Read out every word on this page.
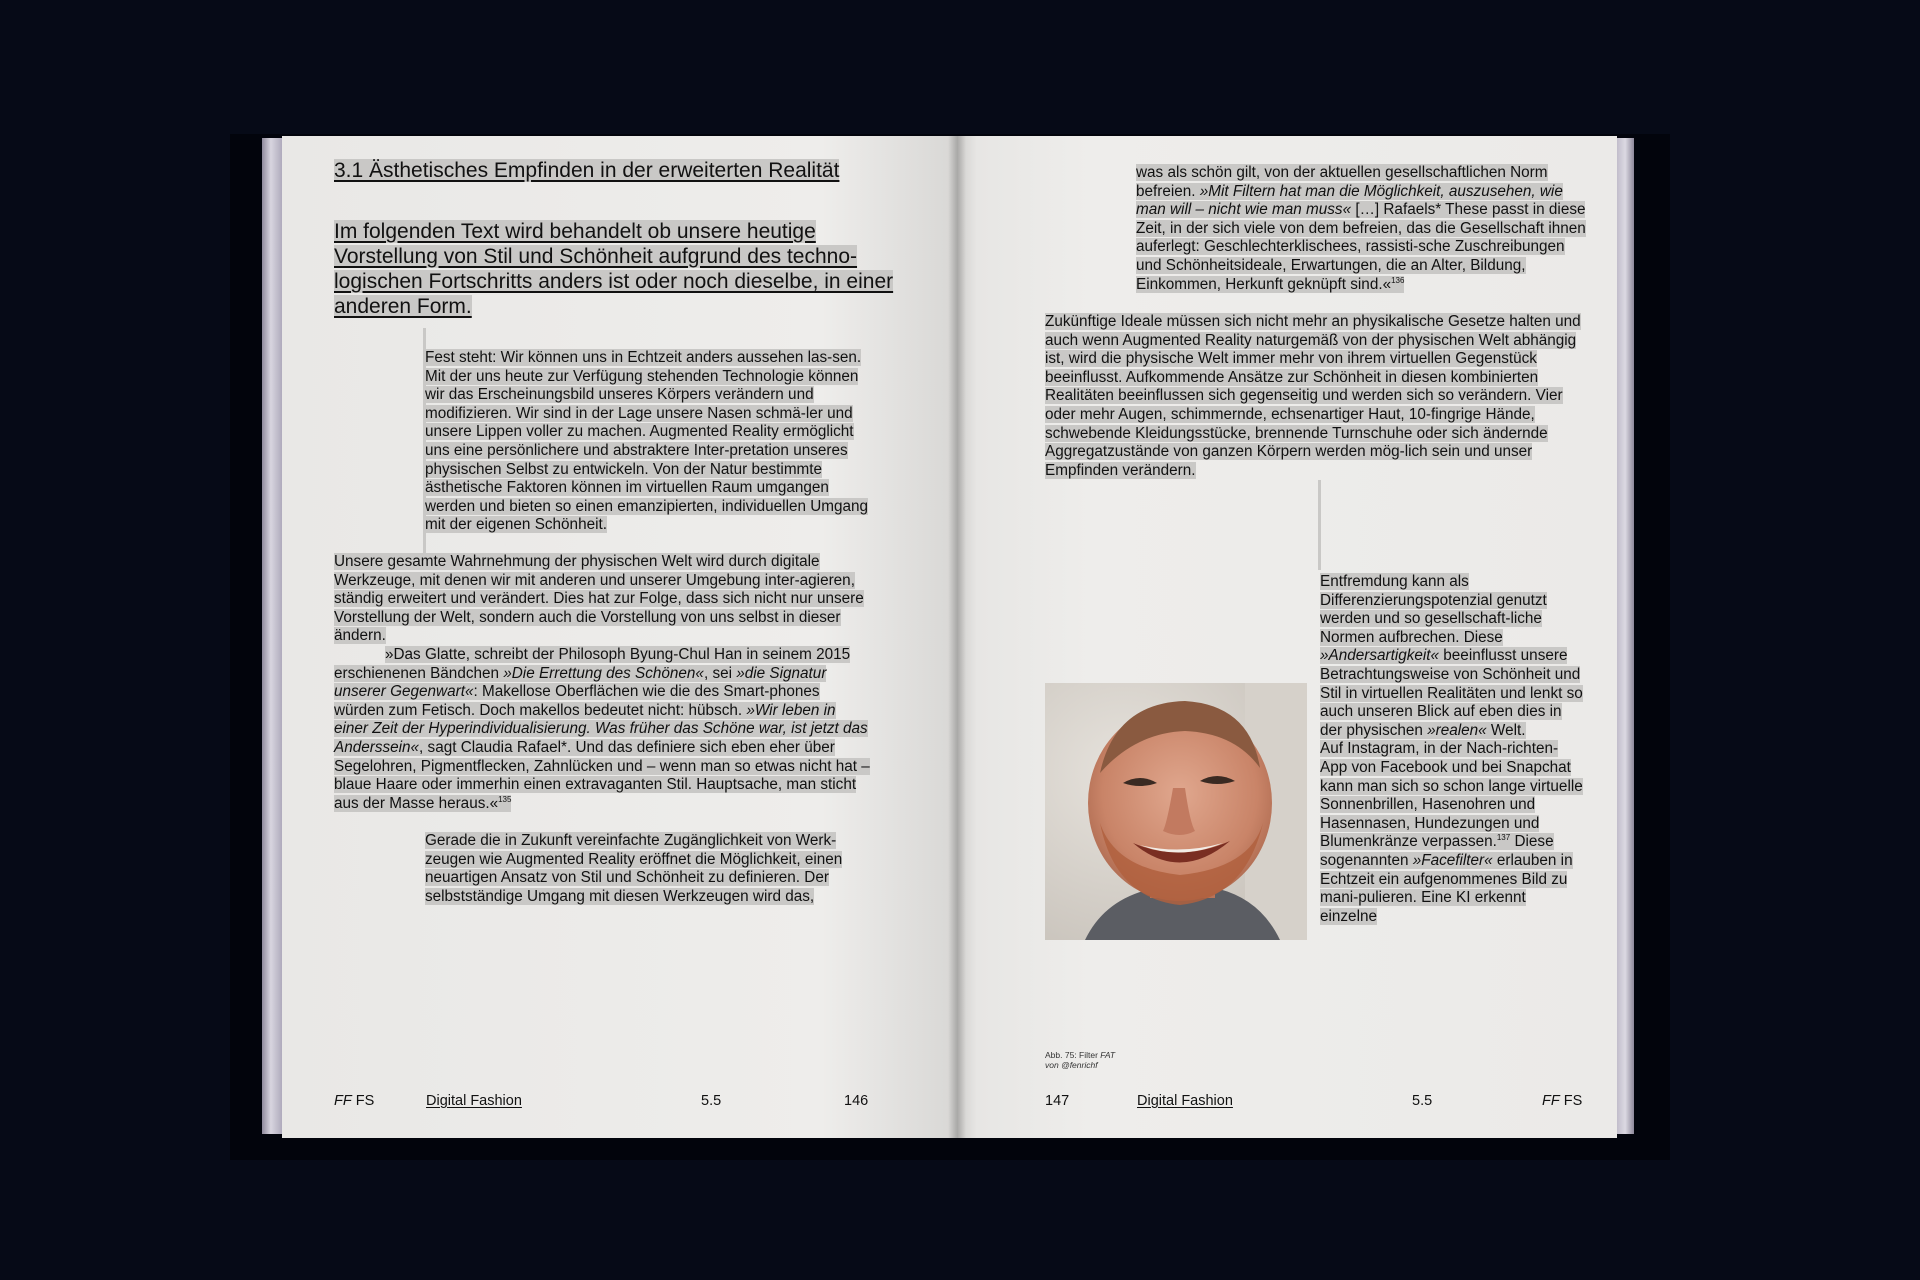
3.1 Ästhetisches Empfinden in der erweiterten Realität
Im folgenden Text wird behandelt ob unsere heutige Vorstellung von Stil und Schönheit aufgrund des techno-logischen Fortschritts anders ist oder noch dieselbe, in einer anderen Form.

Fest steht: Wir können uns in Echtzeit anders aussehen las-sen. Mit der uns heute zur Verfügung stehenden Technologie können wir das Erscheinungsbild unseres Körpers verändern und modifizieren. Wir sind in der Lage unsere Nasen schmä-ler und unsere Lippen voller zu machen. Augmented Reality ermöglicht uns eine persönlichere und abstraktere Inter-pretation unseres physischen Selbst zu entwickeln. Von der Natur bestimmte ästhetische Faktoren können im virtuellen Raum umgangen werden und bieten so einen emanzipierten, individuellen Umgang mit der eigenen Schönheit.

Unsere gesamte Wahrnehmung der physischen Welt wird durch digitale Werkzeuge, mit denen wir mit anderen und unserer Umgebung inter-agieren, ständig erweitert und verändert. Dies hat zur Folge, dass sich nicht nur unsere Vorstellung der Welt, sondern auch die Vorstellung von uns selbst in dieser ändern.

»Das Glatte, schreibt der Philosoph Byung-Chul Han in seinem 2015 erschienenen Bändchen »Die Errettung des Schönen«, sei »die Signatur unserer Gegenwart«: Makellose Oberflächen wie die des Smart-phones würden zum Fetisch. Doch makellos bedeutet nicht: hübsch. »Wir leben in einer Zeit der Hyperindividualisierung. Was früher das Schöne war, ist jetzt das Anderssein«, sagt Claudia Rafael*. Und das definiere sich eben eher über Segelohren, Pigmentflecken, Zahnlücken und – wenn man so etwas nicht hat – blaue Haare oder immerhin einen extravaganten Stil. Hauptsache, man sticht aus der Masse heraus.«$^{135}$

Gerade die in Zukunft vereinfachte Zugänglichkeit von Werk-zeugen wie Augmented Reality eröffnet die Möglichkeit, einen neuartigen Ansatz von Stil und Schönheit zu definieren. Der selbstständige Umgang mit diesen Werkzeugen wird das,

FF FS	Digital Fashion	5.5	146

was als schön gilt, von der aktuellen gesellschaftlichen Norm befreien. »Mit Filtern hat man die Möglichkeit, auszusehen, wie man will – nicht wie man muss« […] Rafaels* These passt in diese Zeit, in der sich viele von dem befreien, das die Gesellschaft ihnen auferlegt: Geschlechterklischees, rassisti-sche Zuschreibungen und Schönheitsideale, Erwartungen, die an Alter, Bildung, Einkommen, Herkunft geknüpft sind.«$^{136}$

Zukünftige Ideale müssen sich nicht mehr an physikalische Gesetze halten und auch wenn Augmented Reality naturgemäß von der physischen Welt abhängig ist, wird die physische Welt immer mehr von ihrem virtuellen Gegenstück beeinflusst. Aufkommende Ansätze zur Schönheit in diesen kombinierten Realitäten beeinflussen sich gegenseitig und werden sich so verändern. Vier oder mehr Augen, schimmernde, echsenartiger Haut, 10-fingrige Hände, schwebende Kleidungsstücke, brennende Turnschuhe oder sich ändernde Aggregatzustände von ganzen Körpern werden mög-lich sein und unser Empfinden verändern.

Entfremdung kann als Differenzierungspotenzial genutzt werden und so gesellschaft-liche Normen aufbrechen. Diese »Andersartigkeit« beeinflusst unsere Betrachtungsweise von Schönheit und Stil in virtuellen Realitäten und lenkt so auch unseren Blick auf eben dies in der physischen »realen« Welt.

Auf Instagram, in der Nach-richten-App von Facebook und bei Snapchat kann man sich so schon lange virtuelle Sonnenbrillen, Hasenohren und Hasennasen, Hundezungen und Blumenkränze verpassen.$^{137}$ Diese sogenannten »Facefilter« erlauben in Echtzeit ein aufgenommenes Bild zu mani-pulieren. Eine KI erkennt einzelne

Abb. 75: Filter FAT
von @fenrichf
147	Digital Fashion	5.5	FF FS
